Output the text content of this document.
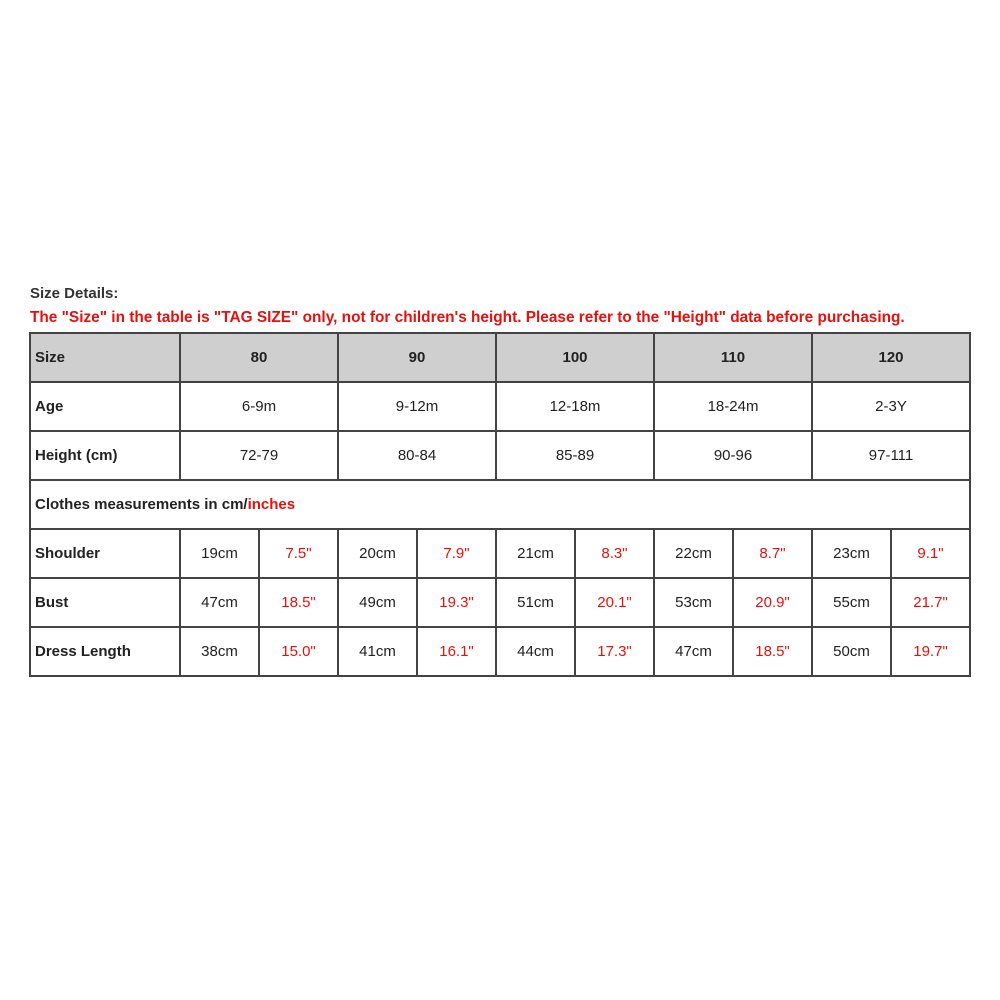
Size Details:
The "Size" in the table is "TAG SIZE" only, not for children's height. Please refer to the "Height" data before purchasing.
Size	80		90		100		110		120	
Age	6-9m		9-12m		12-18m		18-24m		2-3Y	
Height (cm)	72-79		80-84		85-89		90-96		97-111	
Clothes measurements in cm/inches										
Shoulder	19cm	7.5"	20cm	7.9"	21cm	8.3"	22cm	8.7"	23cm	9.1"
Bust	47cm	18.5"	49cm	19.3"	51cm	20.1"	53cm	20.9"	55cm	21.7"
Dress Length	38cm	15.0"	41cm	16.1"	44cm	17.3"	47cm	18.5"	50cm	19.7"
